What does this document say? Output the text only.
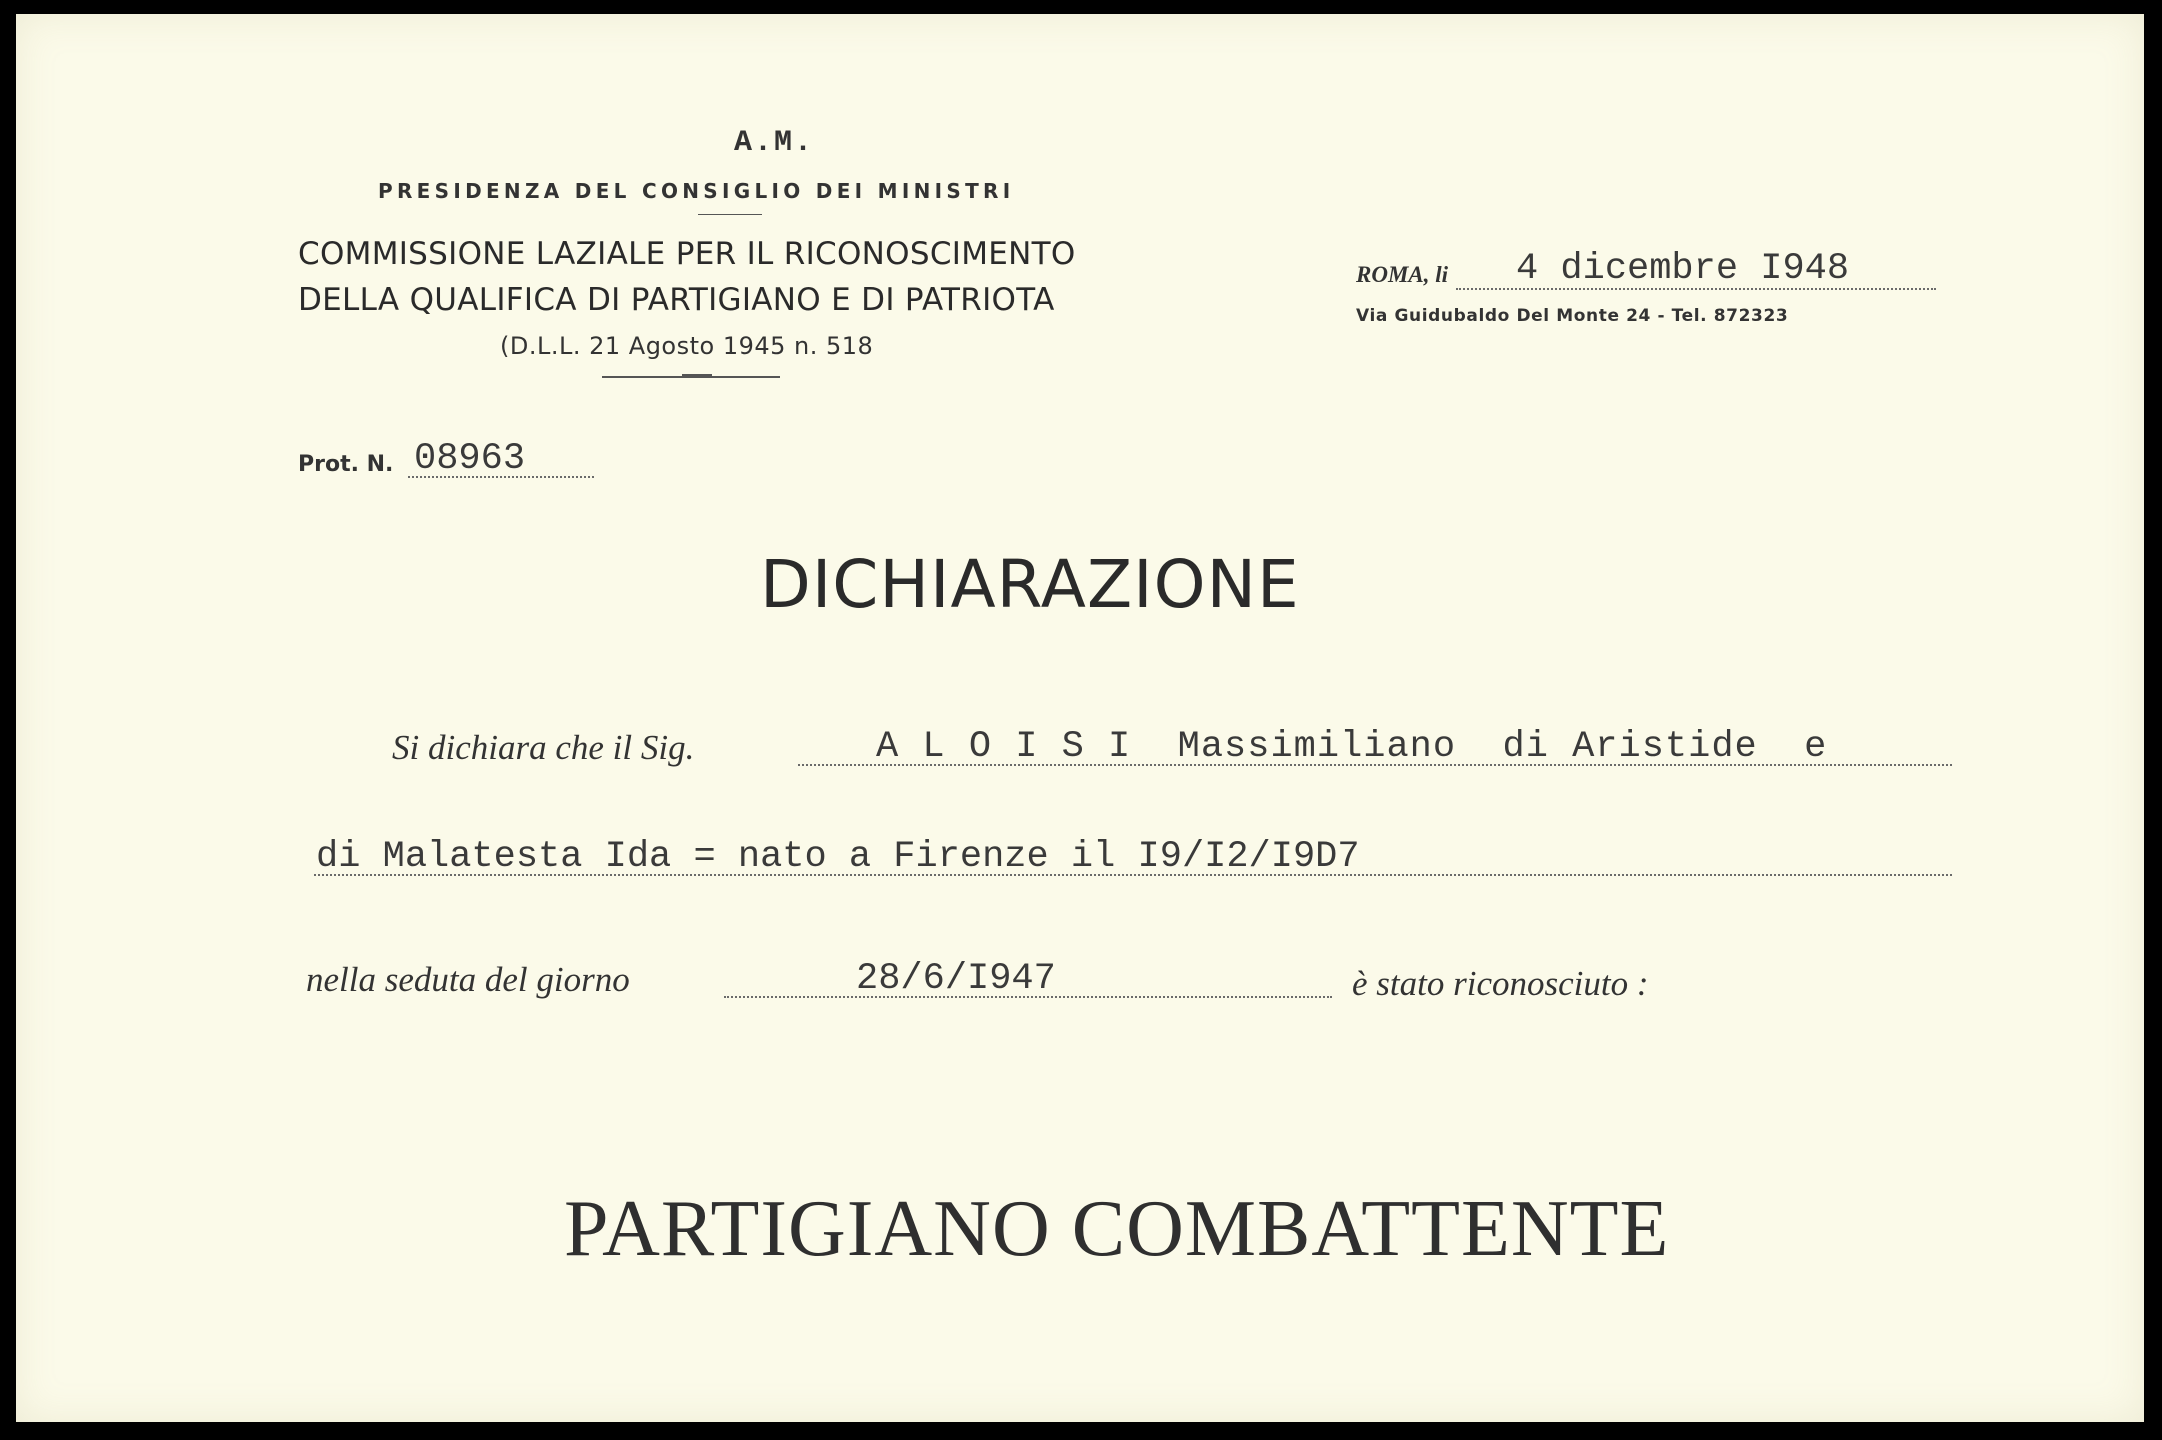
A.M.
PRESIDENZA DEL CONSIGLIO DEI MINISTRI
COMMISSIONE LAZIALE PER IL RICONOSCIMENTO
DELLA QUALIFICA DI PARTIGIANO E DI PATRIOTA
(D.L.L. 21 Agosto 1945 n. 518
ROMA, li 4 dicembre I948
Via Guidubaldo Del Monte 24 - Tel. 872323
Prot. N. 08963
DICHIARAZIONE
Si dichiara che il Sig.	A L O I S I  Massimiliano  di Aristide  e
di Malatesta Ida = nato a Firenze il I9/I2/I9D7
nella seduta del giorno	28/6/I947	è stato riconosciuto :
PARTIGIANO COMBATTENTE
